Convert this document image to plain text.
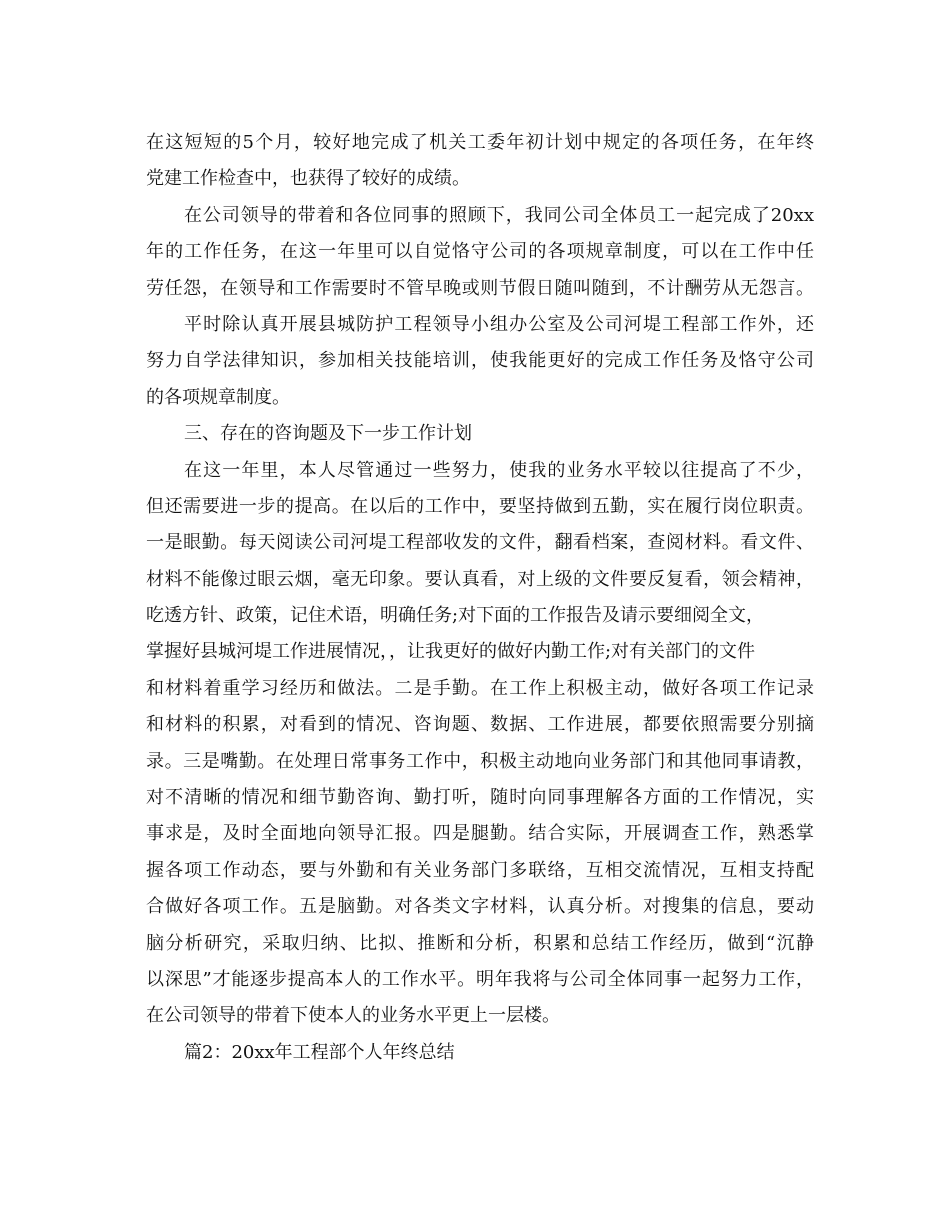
在这短短的5个月，较好地完成了机关工委年初计划中规定的各项任务，在年终
党建工作检查中，也获得了较好的成绩。
在公司领导的带着和各位同事的照顾下，我同公司全体员工一起完成了20xx
年的工作任务，在这一年里可以自觉恪守公司的各项规章制度，可以在工作中任
劳任怨，在领导和工作需要时不管早晚或则节假日随叫随到，不计酬劳从无怨言。
平时除认真开展县城防护工程领导小组办公室及公司河堤工程部工作外，还
努力自学法律知识，参加相关技能培训，使我能更好的完成工作任务及恪守公司
的各项规章制度。
三、存在的咨询题及下一步工作计划
在这一年里，本人尽管通过一些努力，使我的业务水平较以往提高了不少，
但还需要进一步的提高。在以后的工作中，要坚持做到五勤，实在履行岗位职责。
一是眼勤。每天阅读公司河堤工程部收发的文件，翻看档案，查阅材料。看文件、
材料不能像过眼云烟，毫无印象。要认真看，对上级的文件要反复看，领会精神，
吃透方针、政策，记住术语，明确任务;对下面的工作报告及请示要细阅全文，
掌握好县城河堤工作进展情况，，让我更好的做好内勤工作;对有关部门的文件
和材料着重学习经历和做法。二是手勤。在工作上积极主动，做好各项工作记录
和材料的积累，对看到的情况、咨询题、数据、工作进展，都要依照需要分别摘
录。三是嘴勤。在处理日常事务工作中，积极主动地向业务部门和其他同事请教，
对不清晰的情况和细节勤咨询、勤打听，随时向同事理解各方面的工作情况，实
事求是，及时全面地向领导汇报。四是腿勤。结合实际，开展调查工作，熟悉掌
握各项工作动态，要与外勤和有关业务部门多联络，互相交流情况，互相支持配
合做好各项工作。五是脑勤。对各类文字材料，认真分析。对搜集的信息，要动
脑分析研究，采取归纳、比拟、推断和分析，积累和总结工作经历，做到“沉静
以深思”才能逐步提高本人的工作水平。明年我将与公司全体同事一起努力工作，
在公司领导的带着下使本人的业务水平更上一层楼。
篇2：20xx年工程部个人年终总结
